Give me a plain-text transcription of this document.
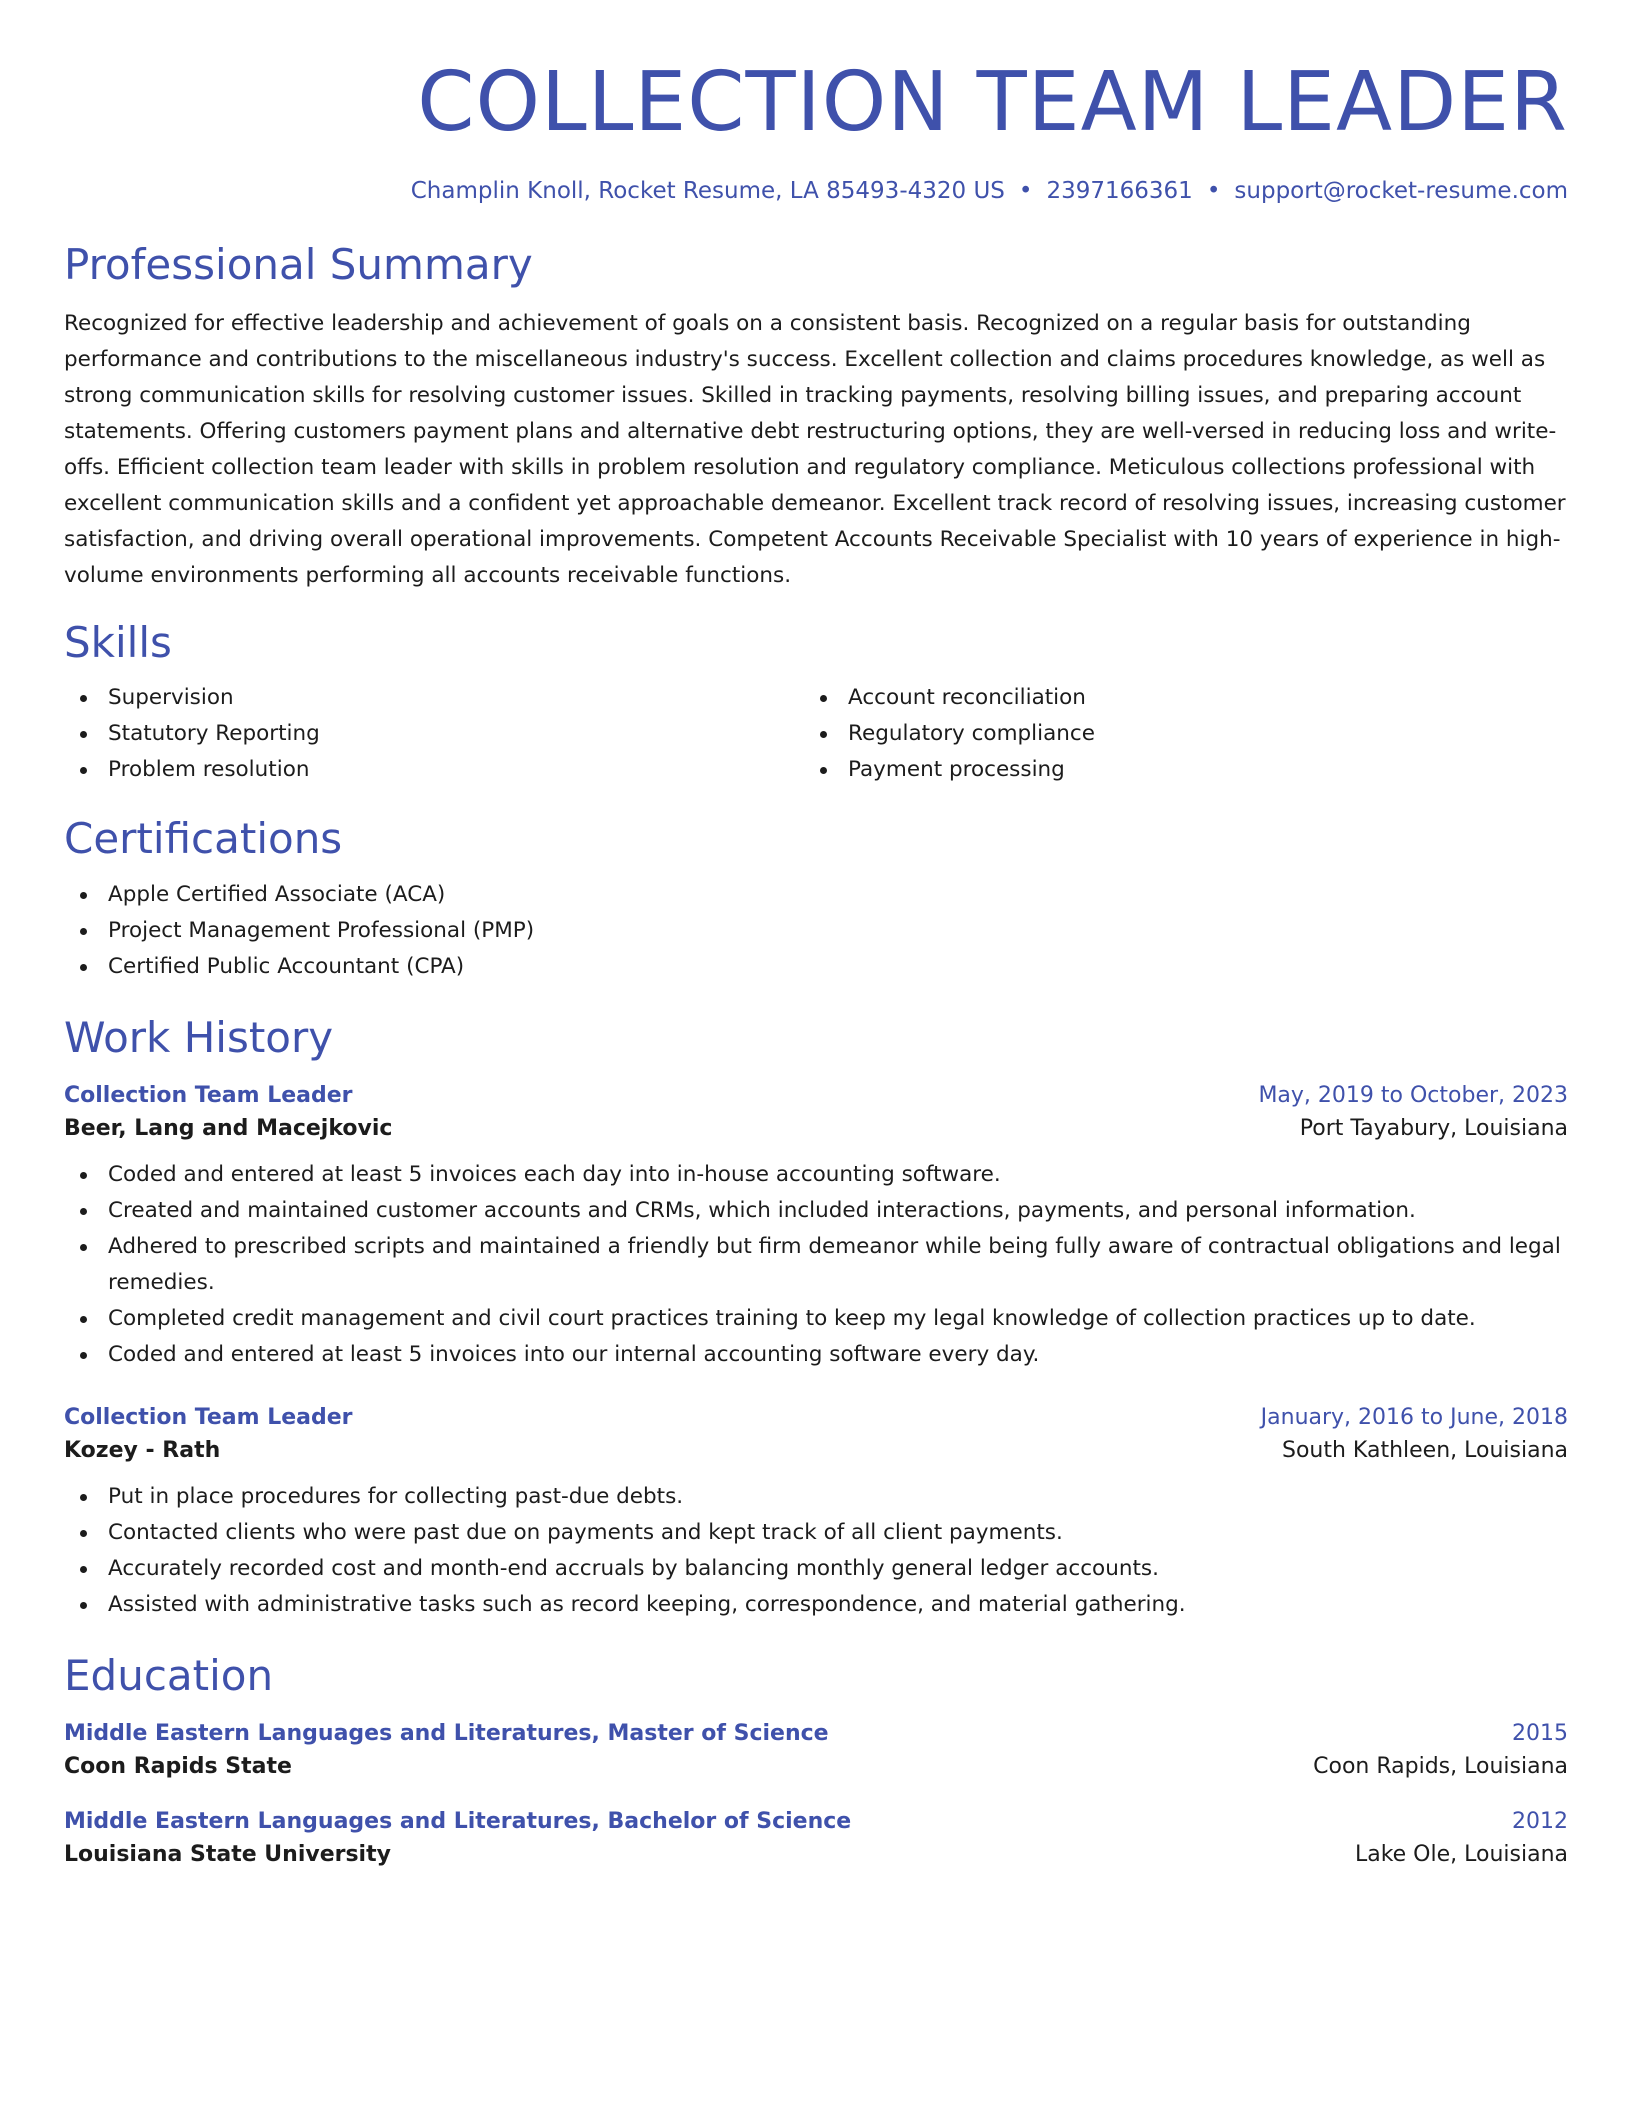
COLLECTION TEAM LEADER
Champlin Knoll, Rocket Resume, LA 85493-4320 US • 2397166361 • support@rocket-resume.com
Professional Summary

Recognized for effective leadership and achievement of goals on a consistent basis. Recognized on a regular basis for outstanding performance and contributions to the miscellaneous industry's success. Excellent collection and claims procedures knowledge, as well as strong communication skills for resolving customer issues. Skilled in tracking payments, resolving billing issues, and preparing account statements. Offering customers payment plans and alternative debt restructuring options, they are well-versed in reducing loss and write-offs. Efficient collection team leader with skills in problem resolution and regulatory compliance. Meticulous collections professional with excellent communication skills and a confident yet approachable demeanor. Excellent track record of resolving issues, increasing customer satisfaction, and driving overall operational improvements. Competent Accounts Receivable Specialist with 10 years of experience in high-volume environments performing all accounts receivable functions.

Skills
Supervision
Statutory Reporting
Problem resolution
Account reconciliation
Regulatory compliance
Payment processing
Certifications
Apple Certified Associate (ACA)
Project Management Professional (PMP)
Certified Public Accountant (CPA)
Work History
Collection Team Leader	May, 2019 to October, 2023
Beer, Lang and Macejkovic	Port Tayabury, Louisiana
Coded and entered at least 5 invoices each day into in-house accounting software.
Created and maintained customer accounts and CRMs, which included interactions, payments, and personal information.
Adhered to prescribed scripts and maintained a friendly but firm demeanor while being fully aware of contractual obligations and legal remedies.
Completed credit management and civil court practices training to keep my legal knowledge of collection practices up to date.
Coded and entered at least 5 invoices into our internal accounting software every day.
Collection Team Leader	January, 2016 to June, 2018
Kozey - Rath	South Kathleen, Louisiana
Put in place procedures for collecting past-due debts.
Contacted clients who were past due on payments and kept track of all client payments.
Accurately recorded cost and month-end accruals by balancing monthly general ledger accounts.
Assisted with administrative tasks such as record keeping, correspondence, and material gathering.
Education
Middle Eastern Languages and Literatures, Master of Science	2015
Coon Rapids State	Coon Rapids, Louisiana
Middle Eastern Languages and Literatures, Bachelor of Science	2012
Louisiana State University	Lake Ole, Louisiana
